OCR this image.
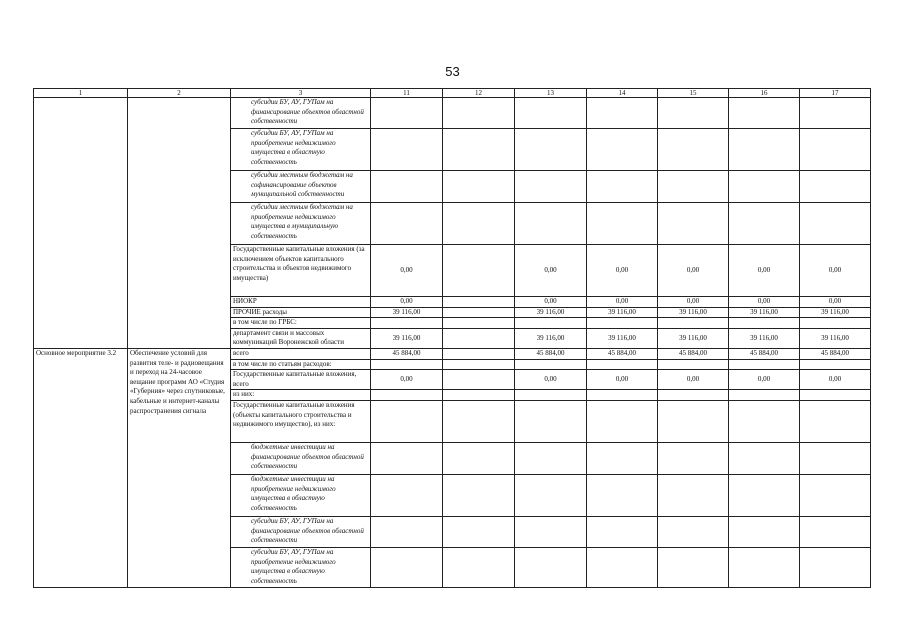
53
1	2	3	11	12	13	14	15	16	17
		субсидии БУ, АУ, ГУПам на финансирование объектов областной собственности							
		субсидии БУ, АУ, ГУПам на приобретение недвижимого имущества в областную собственность							
		субсидии местным бюджетам на софинансирование объектов муниципальной собственности							
		субсидии местным бюджетам на приобретение недвижимого имущества в муниципальную собственность							
		Государственные капитальные вложения (за исключением объектов капитального строительства и объектов недвижимого имущества)	0,00		0,00	0,00	0,00	0,00	0,00
		НИОКР	0,00		0,00	0,00	0,00	0,00	0,00
		ПРОЧИЕ расходы	39 116,00		39 116,00	39 116,00	39 116,00	39 116,00	39 116,00
		в том числе по ГРБС:							
		департамент связи и массовых коммуникаций Воронежской области	39 116,00		39 116,00	39 116,00	39 116,00	39 116,00	39 116,00
Основное мероприятие 3.2	Обеспечение условий для развития теле- и радиовещания и переход на 24-часовое вещание программ АО «Студия «Губерния» через спутниковые, кабельные и интернет-каналы распространения сигнала	всего	45 884,00		45 884,00	45 884,00	45 884,00	45 884,00	45 884,00
		в том числе по статьям расходов:							
		Государственные капитальные вложения, всего	0,00		0,00	0,00	0,00	0,00	0,00
		из них:							
		Государственные капитальные вложения (объекты капитального строительства и недвижимого имущество), из них:							
		бюджетные инвестиции на финансирование объектов областной собственности							
		бюджетные инвестиции на приобретение недвижимого имущества в областную собственность							
		субсидии БУ, АУ, ГУПам на финансирование объектов областной собственности							
		субсидии БУ, АУ, ГУПам на приобретение недвижимого имущества в областную собственность							
